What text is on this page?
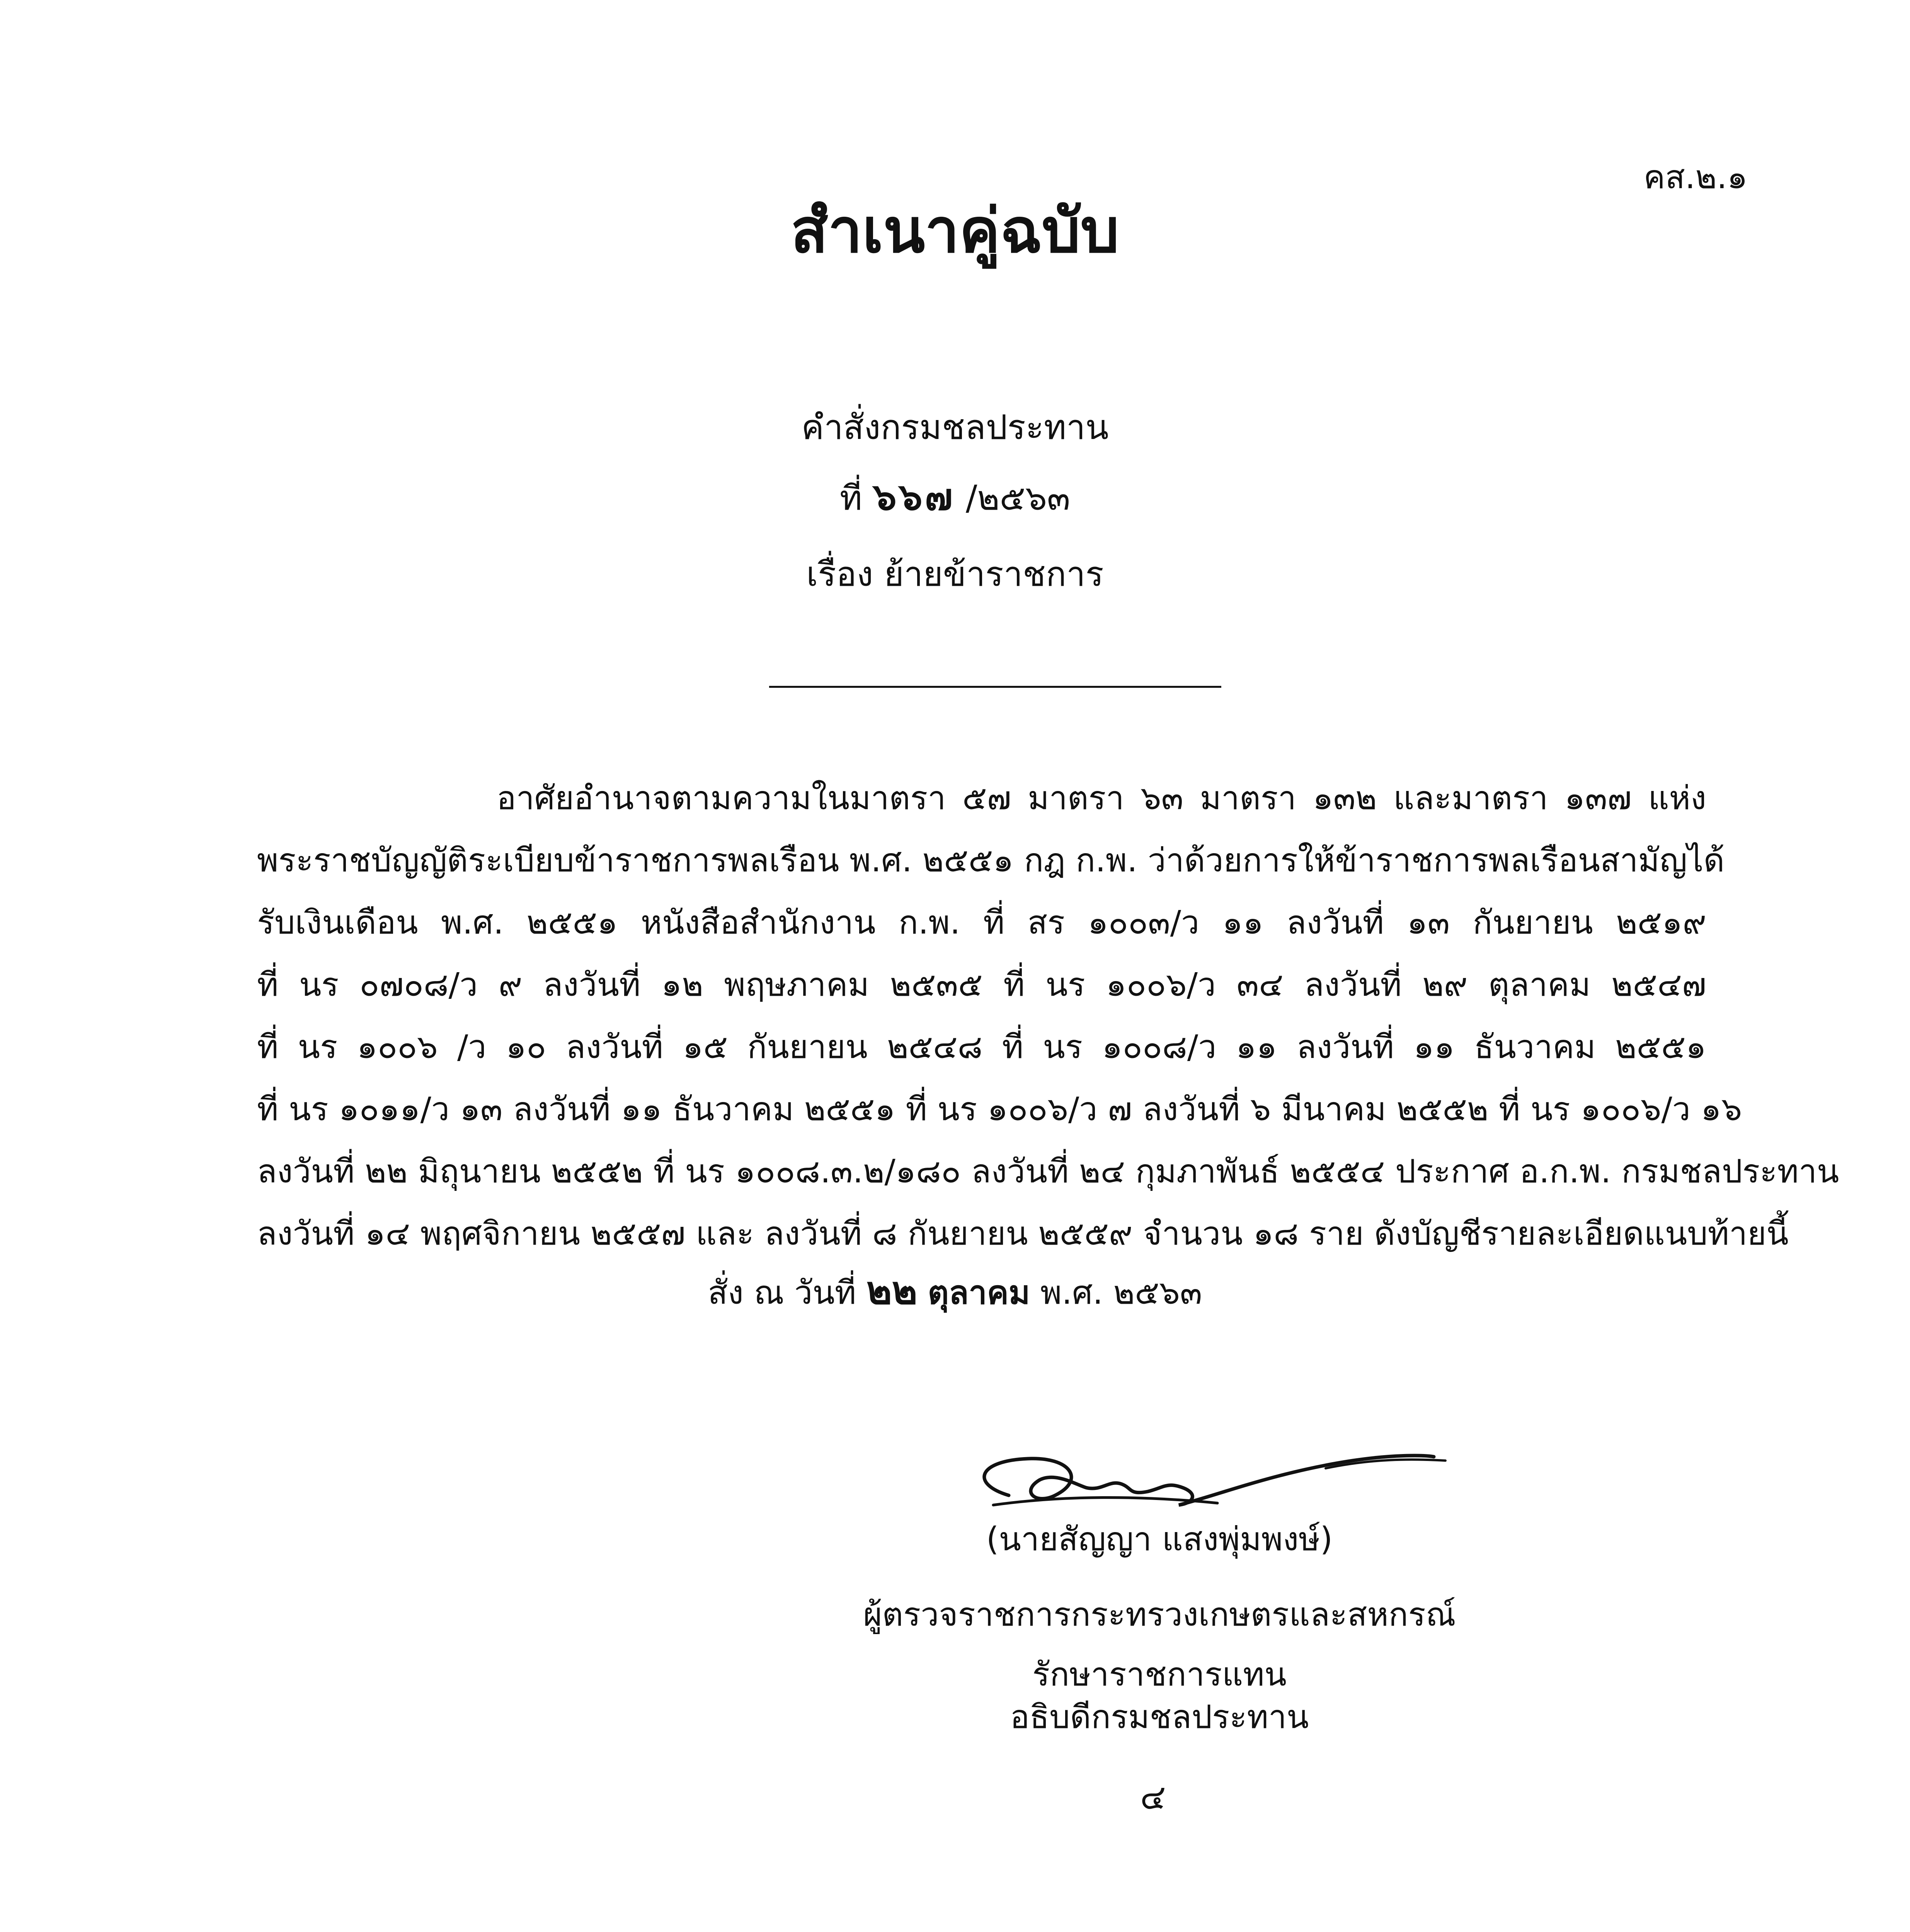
คส.๒.๑
สำเนาคู่ฉบับ
คำสั่งกรมชลประทาน
ที่ ๖๖๗ /๒๕๖๓
เรื่อง ย้ายข้าราชการ
อาศัยอำนาจตามความในมาตรา ๕๗ มาตรา ๖๓ มาตรา ๑๓๒ และมาตรา ๑๓๗ แห่ง
พระราชบัญญัติระเบียบข้าราชการพลเรือน พ.ศ. ๒๕๕๑ กฎ ก.พ. ว่าด้วยการให้ข้าราชการพลเรือนสามัญได้
รับเงินเดือน พ.ศ. ๒๕๕๑ หนังสือสำนักงาน ก.พ. ที่ สร ๑๐๐๓/ว ๑๑ ลงวันที่ ๑๓ กันยายน ๒๕๑๙
ที่ นร ๐๗๐๘/ว ๙ ลงวันที่ ๑๒ พฤษภาคม ๒๕๓๕ ที่ นร ๑๐๐๖/ว ๓๔ ลงวันที่ ๒๙ ตุลาคม ๒๕๔๗
ที่ นร ๑๐๐๖ /ว ๑๐ ลงวันที่ ๑๕ กันยายน ๒๕๔๘ ที่ นร ๑๐๐๘/ว ๑๑ ลงวันที่ ๑๑ ธันวาคม ๒๕๕๑
ที่ นร ๑๐๑๑/ว ๑๓ ลงวันที่ ๑๑ ธันวาคม ๒๕๕๑ ที่ นร ๑๐๐๖/ว ๗ ลงวันที่ ๖ มีนาคม ๒๕๕๒ ที่ นร ๑๐๐๖/ว ๑๖
ลงวันที่ ๒๒ มิถุนายน ๒๕๕๒ ที่ นร ๑๐๐๘.๓.๒/๑๘๐ ลงวันที่ ๒๔ กุมภาพันธ์ ๒๕๕๔ ประกาศ อ.ก.พ. กรมชลประทาน
ลงวันที่ ๑๔ พฤศจิกายน ๒๕๕๗ และ ลงวันที่ ๘ กันยายน ๒๕๕๙ จำนวน ๑๘ ราย ดังบัญชีรายละเอียดแนบท้ายนี้
สั่ง ณ วันที่ ๒๒ ตุลาคม พ.ศ. ๒๕๖๓
(นายสัญญา แสงพุ่มพงษ์)
ผู้ตรวจราชการกระทรวงเกษตรและสหกรณ์
รักษาราชการแทน
อธิบดีกรมชลประทาน
๔
